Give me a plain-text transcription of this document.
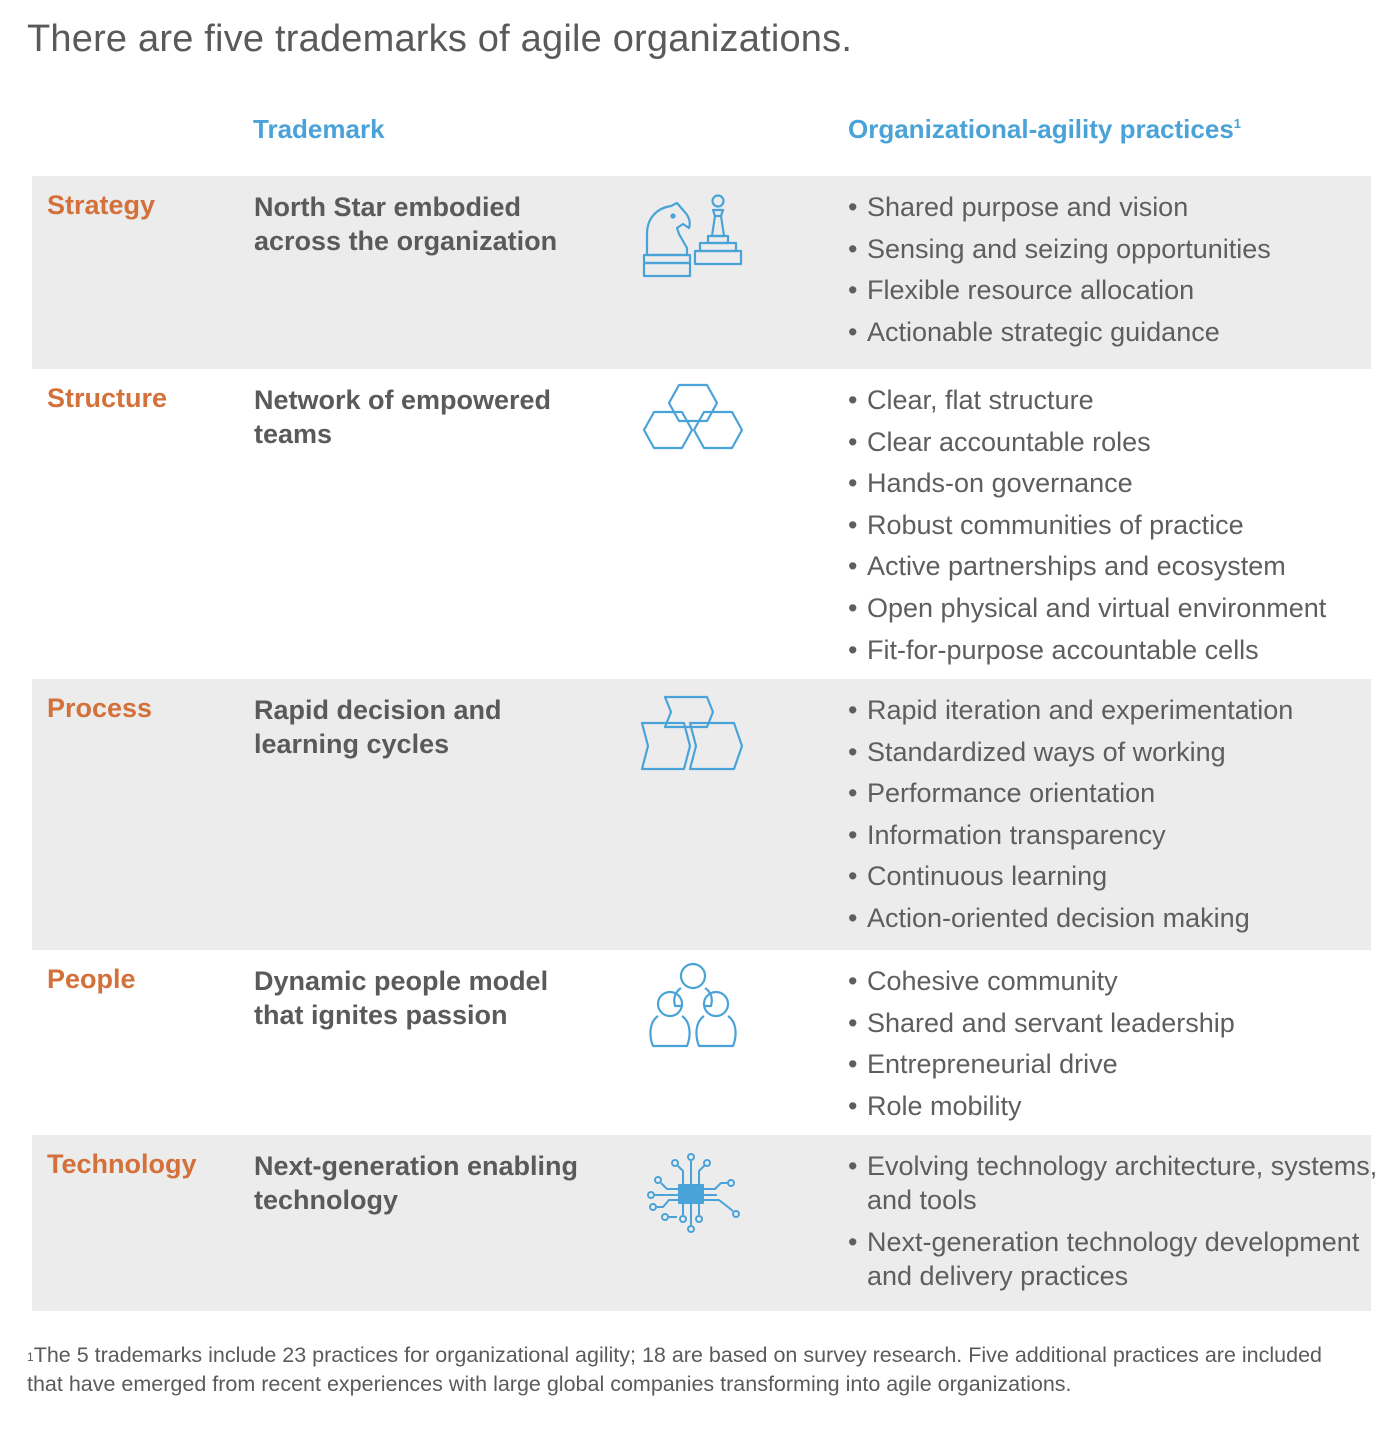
There are five trademarks of agile organizations.
Trademark	Organizational-agility practices$^1$
Strategy	North Star embodied across the organization
• Shared purpose and vision
• Sensing and seizing opportunities
• Flexible resource allocation
• Actionable strategic guidance
Structure	Network of empowered teams
• Clear, flat structure
• Clear accountable roles
• Hands-on governance
• Robust communities of practice
• Active partnerships and ecosystem
• Open physical and virtual environment
• Fit-for-purpose accountable cells
Process	Rapid decision and learning cycles
• Rapid iteration and experimentation
• Standardized ways of working
• Performance orientation
• Information transparency
• Continuous learning
• Action-oriented decision making
People	Dynamic people model that ignites passion
• Cohesive community
• Shared and servant leadership
• Entrepreneurial drive
• Role mobility
Technology Next-generation enabling technology
• Evolving technology architecture, systems, and tools
• Next-generation technology development and delivery practices
$^1$The 5 trademarks include 23 practices for organizational agility; 18 are based on survey research. Five additional practices are included that have emerged from recent experiences with large global companies transforming into agile organizations.
